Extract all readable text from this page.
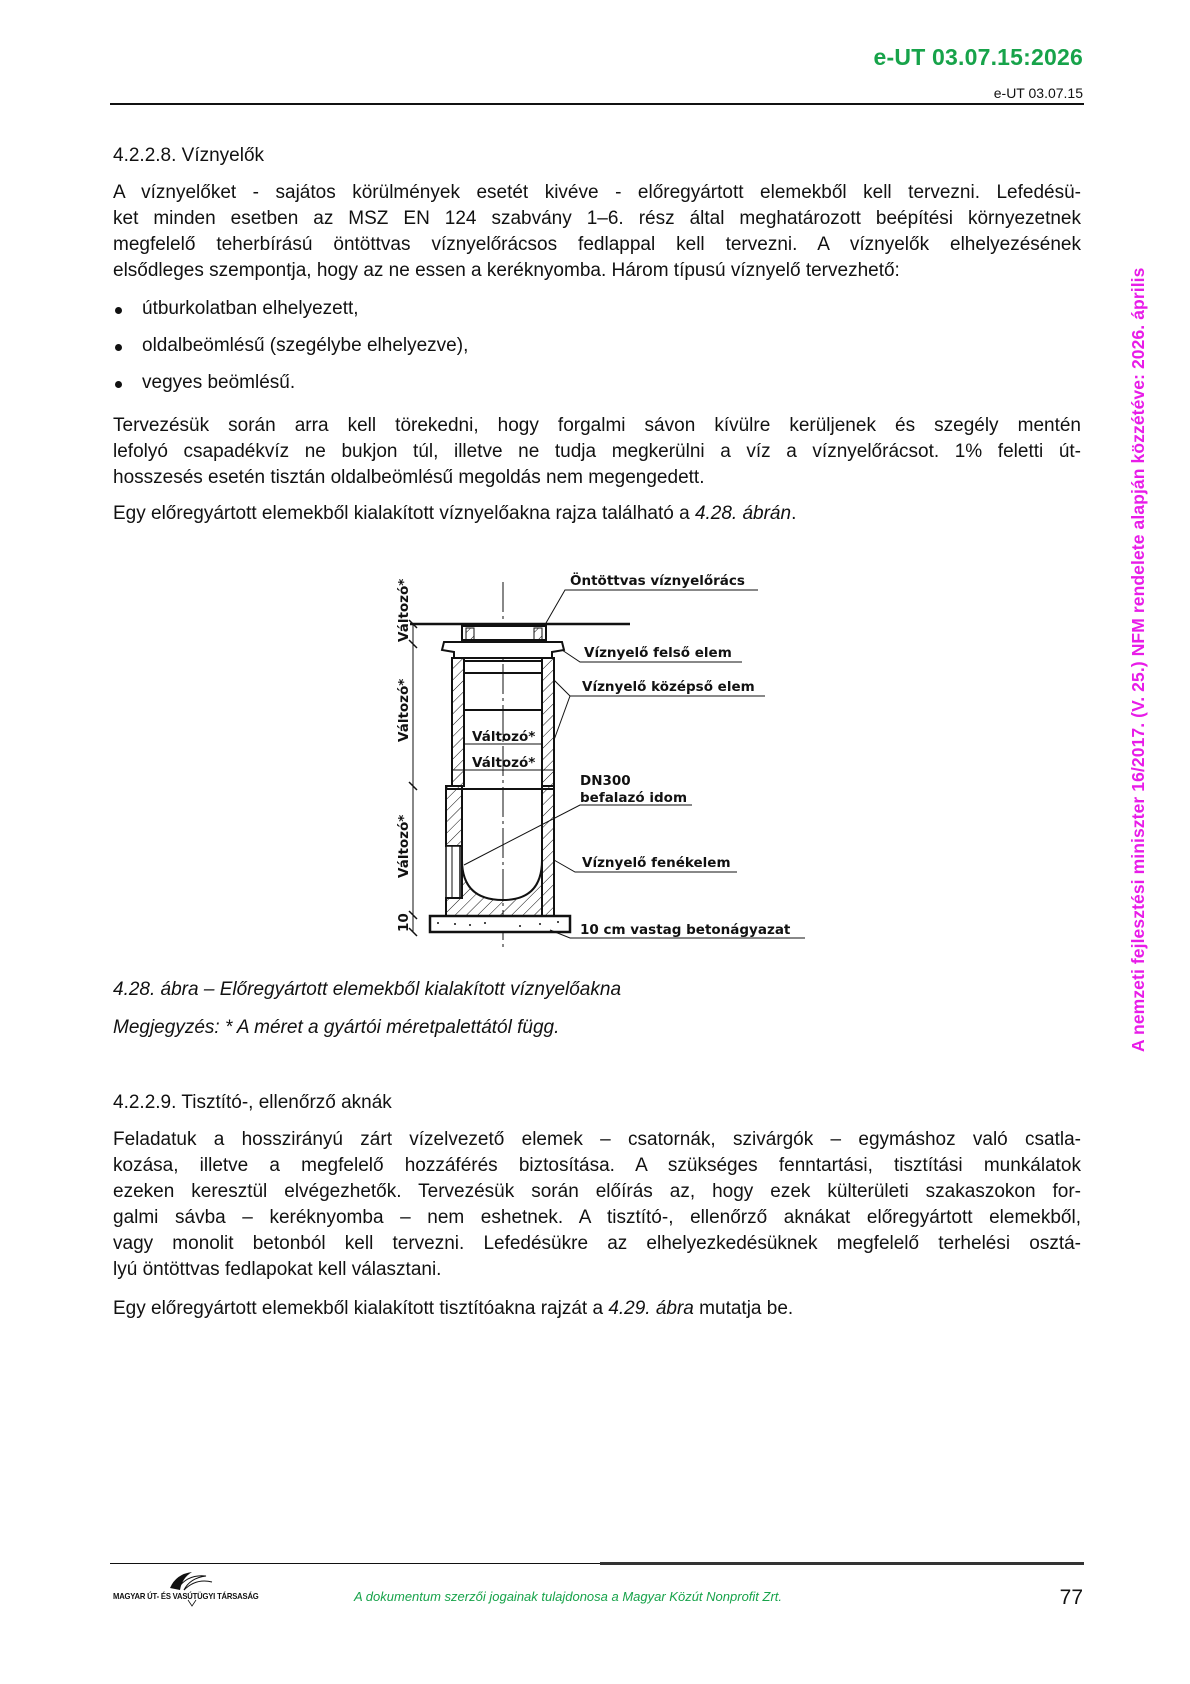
e-UT 03.07.15:2026
e-UT 03.07.15
A nemzeti fejlesztési miniszter 16/2017. (V. 25.) NFM rendelete alapján közzétéve: 2026. április
4.2.2.8. Víznyelők
A víznyelőket - sajátos körülmények esetét kivéve - előregyártott elemekből kell tervezni. Lefedésü-
ket minden esetben az MSZ EN 124 szabvány 1–6. rész által meghatározott beépítési környezetnek
megfelelő teherbírású öntöttvas víznyelőrácsos fedlappal kell tervezni. A víznyelők elhelyezésének
elsődleges szempontja, hogy az ne essen a keréknyomba. Három típusú víznyelő tervezhető:
útburkolatban elhelyezett,
oldalbeömlésű (szegélybe elhelyezve),
vegyes beömlésű.
Tervezésük során arra kell törekedni, hogy forgalmi sávon kívülre kerüljenek és szegély mentén
lefolyó csapadékvíz ne bukjon túl, illetve ne tudja megkerülni a víz a víznyelőrácsot. 1% feletti út-
hosszesés esetén tisztán oldalbeömlésű megoldás nem megengedett.
Egy előregyártott elemekből kialakított víznyelőakna rajza található a 4.28. ábrán.
Változó*
Változó*
Változó*
10
Változó*
Változó*
Öntöttvas víznyelőrács
Víznyelő felső elem
Víznyelő középső elem
DN300
befalazó idom
Víznyelő fenékelem
10 cm vastag betonágyazat
4.28. ábra – Előregyártott elemekből kialakított víznyelőakna
Megjegyzés: * A méret a gyártói méretpalettától függ.
4.2.2.9. Tisztító-, ellenőrző aknák
Feladatuk a hosszirányú zárt vízelvezető elemek – csatornák, szivárgók – egymáshoz való csatla-
kozása, illetve a megfelelő hozzáférés biztosítása. A szükséges fenntartási, tisztítási munkálatok
ezeken keresztül elvégezhetők. Tervezésük során előírás az, hogy ezek külterületi szakaszokon for-
galmi sávba – keréknyomba – nem eshetnek. A tisztító-, ellenőrző aknákat előregyártott elemekből,
vagy monolit betonból kell tervezni. Lefedésükre az elhelyezkedésüknek megfelelő terhelési osztá-
lyú öntöttvas fedlapokat kell választani.
Egy előregyártott elemekből kialakított tisztítóakna rajzát a 4.29. ábra mutatja be.
MAGYAR ÚT- ÉS VASÚTÜGYI TÁRSASÁG	A dokumentum szerzői jogainak tulajdonosa a Magyar Közút Nonprofit Zrt.	77
